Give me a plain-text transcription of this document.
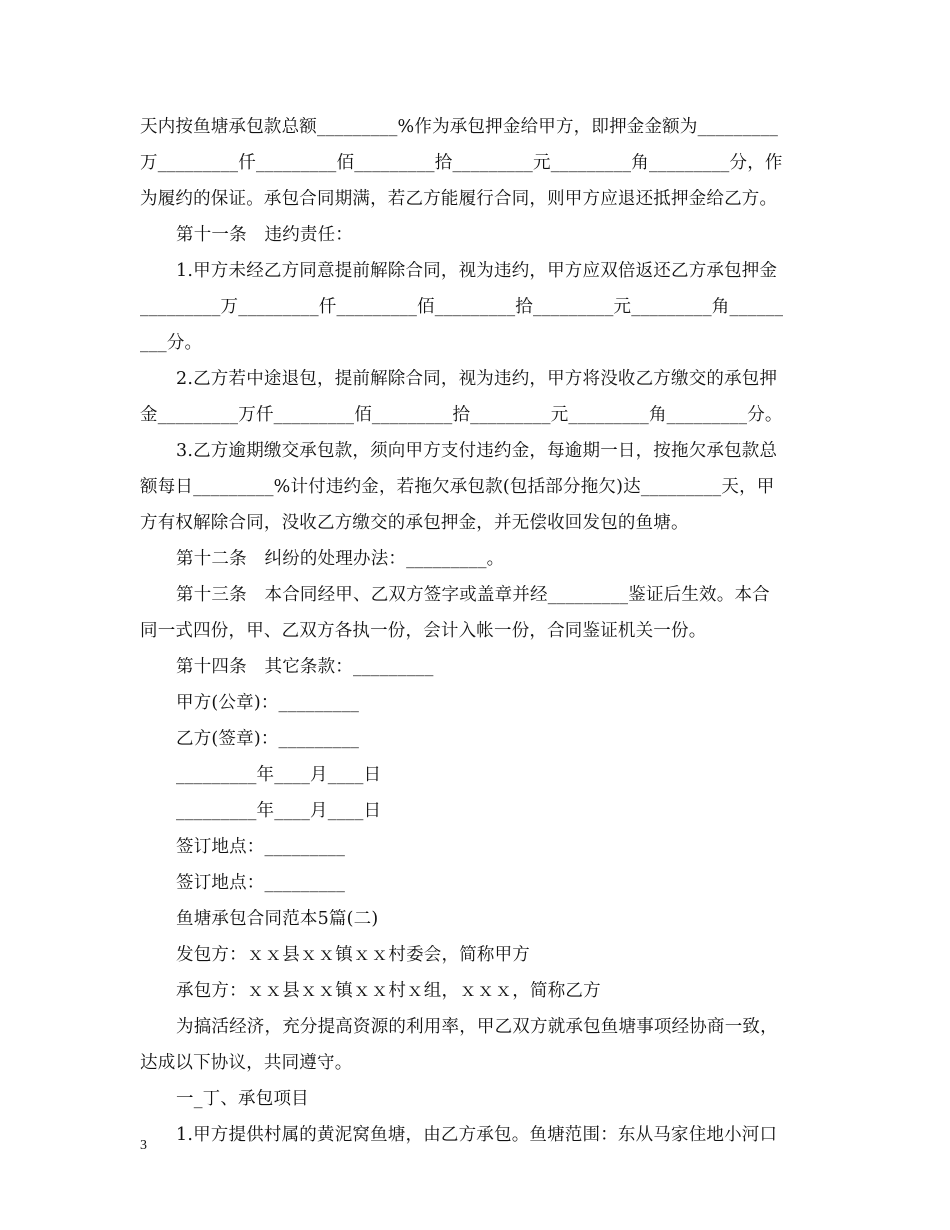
天内按鱼塘承包款总额_________%作为承包押金给甲方，即押金金额为_________
万_________仟_________佰_________拾_________元_________角_________分，作
为履约的保证。承包合同期满，若乙方能履行合同，则甲方应退还抵押金给乙方。
第十一条　违约责任：
1.甲方未经乙方同意提前解除合同，视为违约，甲方应双倍返还乙方承包押金
_________万_________仟_________佰_________拾_________元_________角______
___分。
2.乙方若中途退包，提前解除合同，视为违约，甲方将没收乙方缴交的承包押
金_________万仟_________佰_________拾_________元_________角_________分。
3.乙方逾期缴交承包款，须向甲方支付违约金，每逾期一日，按拖欠承包款总
额每日_________%计付违约金，若拖欠承包款(包括部分拖欠)达_________天，甲
方有权解除合同，没收乙方缴交的承包押金，并无偿收回发包的鱼塘。
第十二条　纠纷的处理办法：_________。
第十三条　本合同经甲、乙双方签字或盖章并经_________鉴证后生效。本合
同一式四份，甲、乙双方各执一份，会计入帐一份，合同鉴证机关一份。
第十四条　其它条款：_________
甲方(公章)：_________
乙方(签章)：_________
_________年____月____日
_________年____月____日
签订地点：_________
签订地点：_________
鱼塘承包合同范本5篇(二)
发包方：ｘｘ县ｘｘ镇ｘｘ村委会，简称甲方
承包方：ｘｘ县ｘｘ镇ｘｘ村ｘ组，ｘｘｘ，简称乙方
为搞活经济，充分提高资源的利用率，甲乙双方就承包鱼塘事项经协商一致，
达成以下协议，共同遵守。
一_丁、承包项目
1.甲方提供村属的黄泥窝鱼塘，由乙方承包。鱼塘范围：东从马家住地小河口
3
